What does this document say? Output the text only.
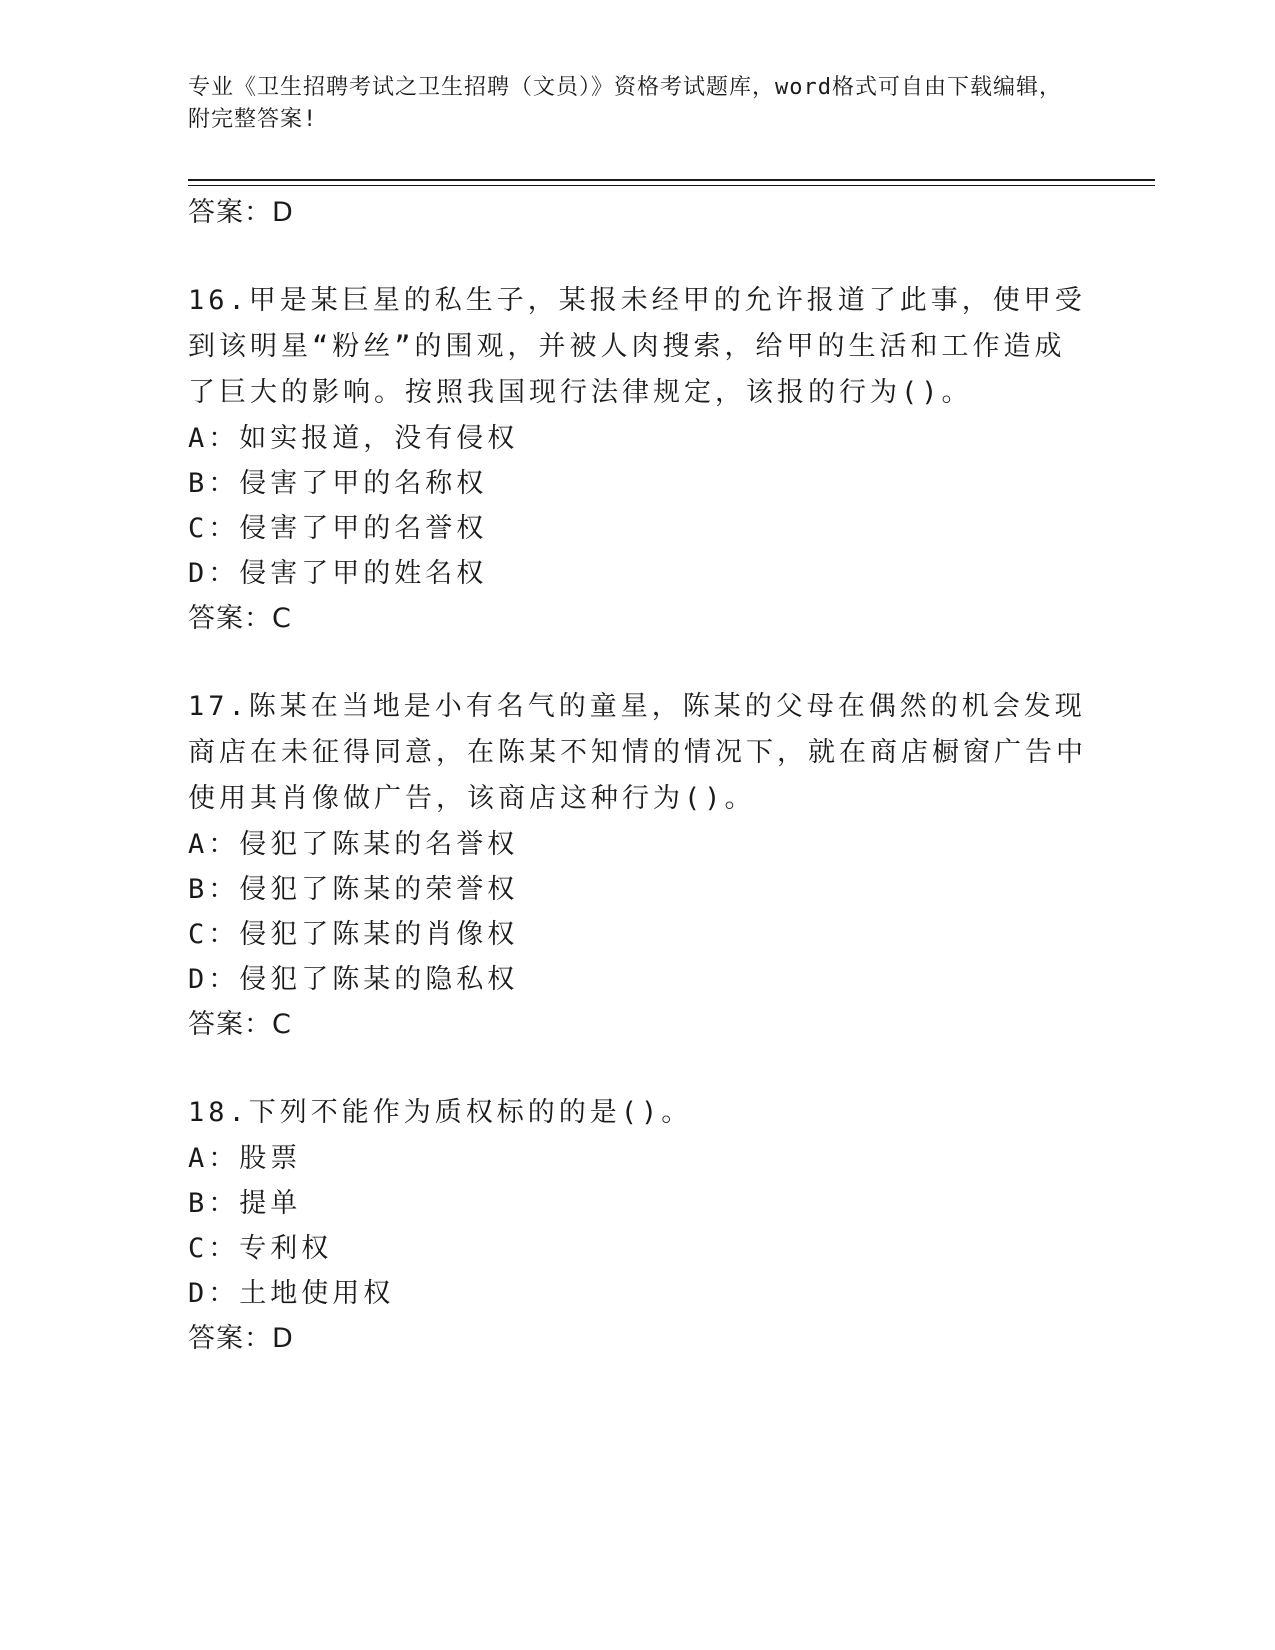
专业《卫生招聘考试之卫生招聘（文员）》资格考试题库，word格式可自由下载编辑，附完整答案!
答案：D
16.甲是某巨星的私生子，某报未经甲的允许报道了此事，使甲受到该明星“粉丝”的围观，并被人肉搜索，给甲的生活和工作造成了巨大的影响。按照我国现行法律规定，该报的行为()。
A：如实报道，没有侵权
B：侵害了甲的名称权
C：侵害了甲的名誉权
D：侵害了甲的姓名权
答案：C
17.陈某在当地是小有名气的童星，陈某的父母在偶然的机会发现商店在未征得同意，在陈某不知情的情况下，就在商店橱窗广告中使用其肖像做广告，该商店这种行为()。
A：侵犯了陈某的名誉权
B：侵犯了陈某的荣誉权
C：侵犯了陈某的肖像权
D：侵犯了陈某的隐私权
答案：C
18.下列不能作为质权标的的是()。
A：股票
B：提单
C：专利权
D：土地使用权
答案：D
